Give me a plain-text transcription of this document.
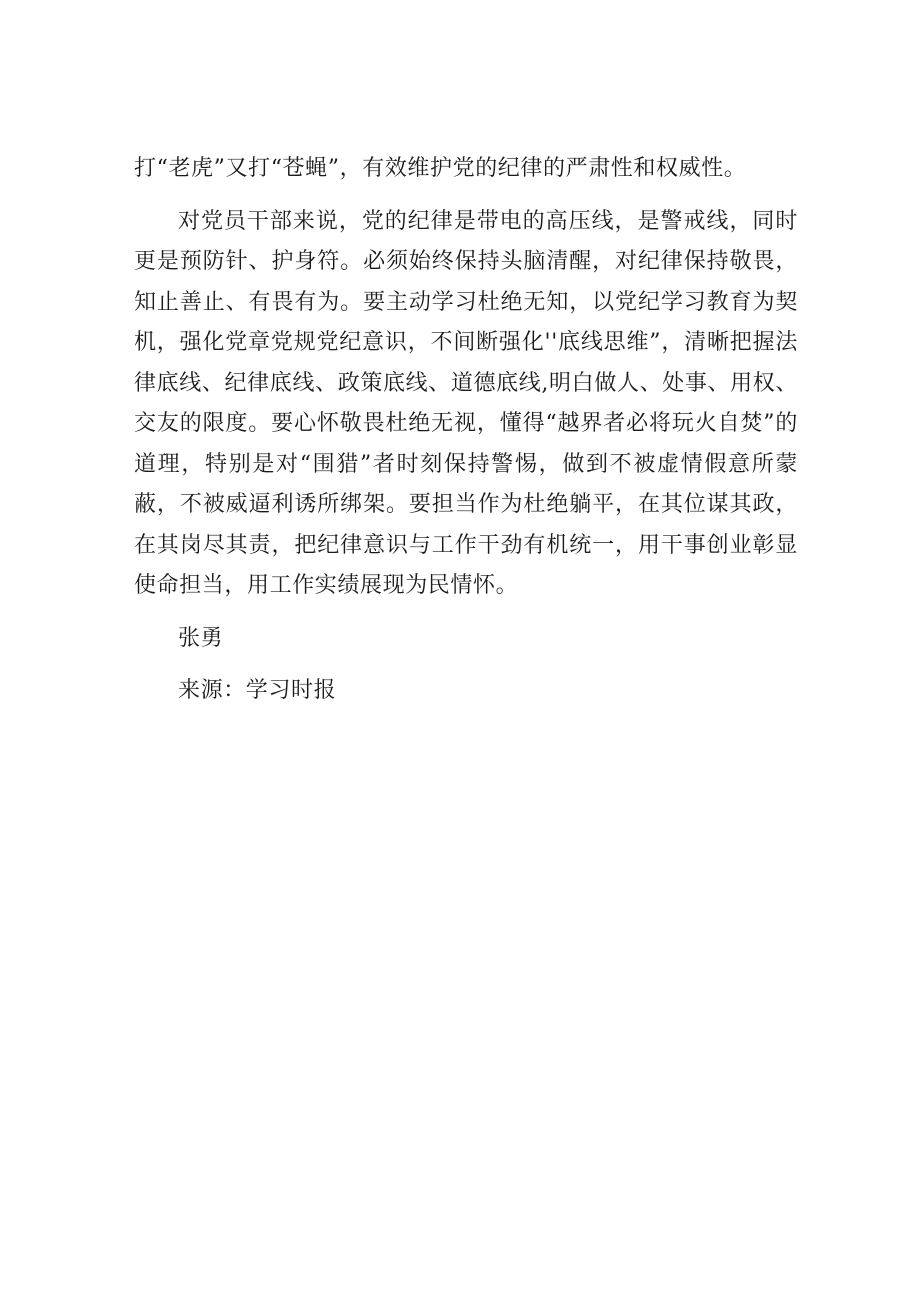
打“老虎”又打“苍蝇”，有效维护党的纪律的严肃性和权威性。

对党员干部来说，党的纪律是带电的高压线，是警戒线，同时更是预防针、护身符。必须始终保持头脑清醒，对纪律保持敬畏，知止善止、有畏有为。要主动学习杜绝无知，以党纪学习教育为契机，强化党章党规党纪意识，不间断强化''底线思维”，清晰把握法律底线、纪律底线、政策底线、道德底线,明白做人、处事、用权、交友的限度。要心怀敬畏杜绝无视，懂得“越界者必将玩火自焚”的道理，特别是对“围猎”者时刻保持警惕，做到不被虚情假意所蒙蔽，不被威逼利诱所绑架。要担当作为杜绝躺平，在其位谋其政，在其岗尽其责，把纪律意识与工作干劲有机统一，用干事创业彰显使命担当，用工作实绩展现为民情怀。

张勇

来源：学习时报
